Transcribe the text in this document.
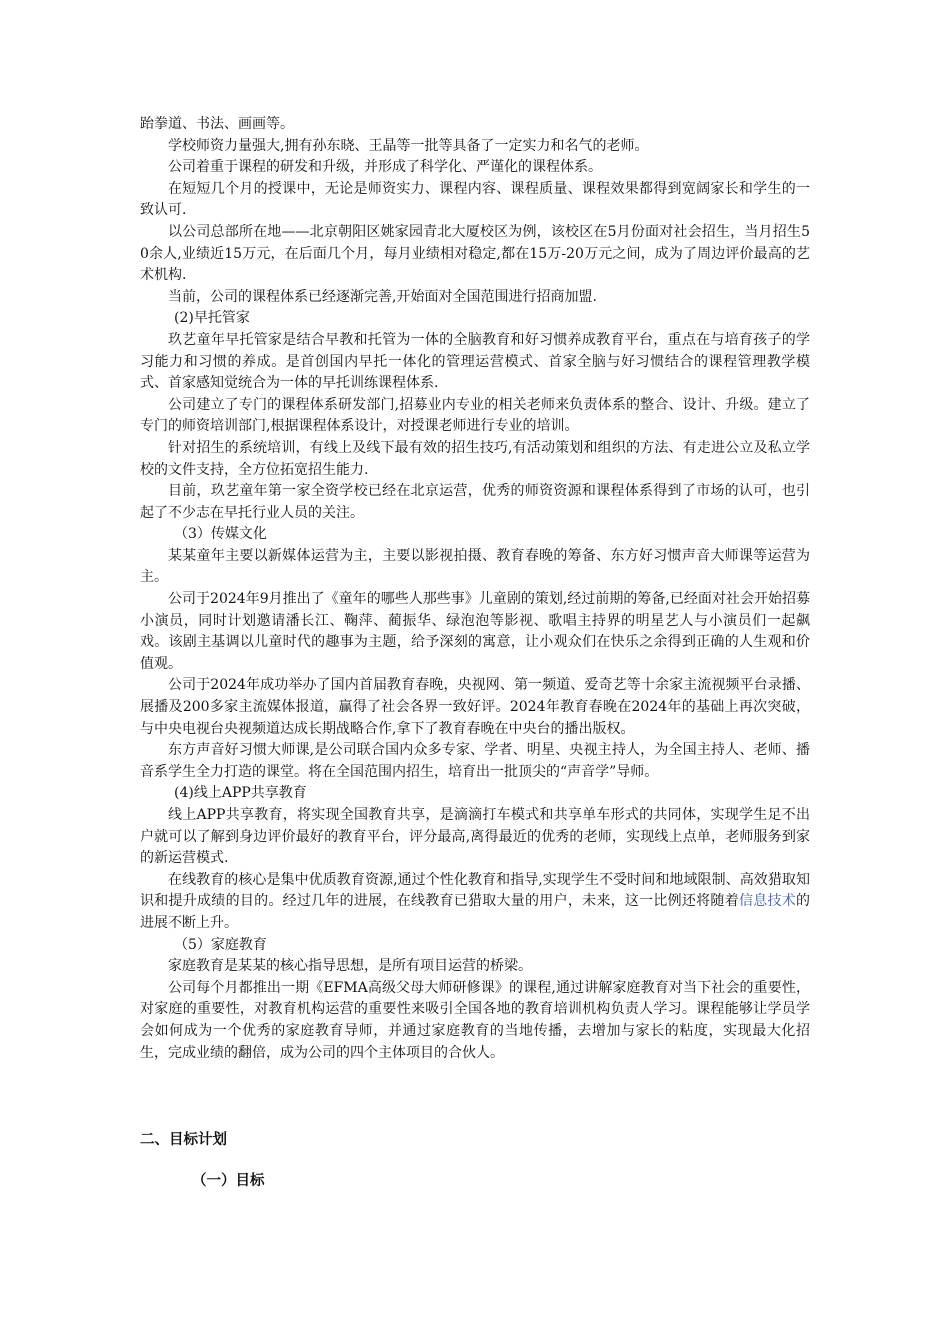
跆拳道、书法、画画等。

学校师资力量强大,拥有孙东晓、王晶等一批等具备了一定实力和名气的老师。

公司着重于课程的研发和升级，并形成了科学化、严谨化的课程体系。

在短短几个月的授课中，无论是师资实力、课程内容、课程质量、课程效果都得到宽阔家长和学生的一致认可.

以公司总部所在地——北京朝阳区姚家园青北大厦校区为例，该校区在5月份面对社会招生，当月招生50余人,业绩近15万元，在后面几个月，每月业绩相对稳定,都在15万-20万元之间，成为了周边评价最高的艺术机构.

当前，公司的课程体系已经逐渐完善,开始面对全国范围进行招商加盟.

(2)早托管家

玖艺童年早托管家是结合早教和托管为一体的全脑教育和好习惯养成教育平台，重点在与培育孩子的学习能力和习惯的养成。是首创国内早托一体化的管理运营模式、首家全脑与好习惯结合的课程管理教学模式、首家感知觉统合为一体的早托训练课程体系.

公司建立了专门的课程体系研发部门,招募业内专业的相关老师来负责体系的整合、设计、升级。建立了专门的师资培训部门,根据课程体系设计，对授课老师进行专业的培训。

针对招生的系统培训，有线上及线下最有效的招生技巧,有活动策划和组织的方法、有走进公立及私立学校的文件支持，全方位拓宽招生能力.

目前，玖艺童年第一家全资学校已经在北京运营，优秀的师资资源和课程体系得到了市场的认可，也引起了不少志在早托行业人员的关注。

（3）传媒文化

某某童年主要以新媒体运营为主，主要以影视拍摄、教育春晚的筹备、东方好习惯声音大师课等运营为主。

公司于2024年9月推出了《童年的哪些人那些事》儿童剧的策划,经过前期的筹备,已经面对社会开始招募小演员，同时计划邀请潘长江、鞠萍、蔺振华、绿泡泡等影视、歌唱主持界的明星艺人与小演员们一起飙戏。该剧主基调以儿童时代的趣事为主题，给予深刻的寓意，让小观众们在快乐之余得到正确的人生观和价值观。

公司于2024年成功举办了国内首届教育春晚，央视网、第一频道、爱奇艺等十余家主流视频平台录播、展播及200多家主流媒体报道，赢得了社会各界一致好评。2024年教育春晚在2024年的基础上再次突破，与中央电视台央视频道达成长期战略合作,拿下了教育春晚在中央台的播出版权。

东方声音好习惯大师课,是公司联合国内众多专家、学者、明星、央视主持人，为全国主持人、老师、播音系学生全力打造的课堂。将在全国范围内招生，培育出一批顶尖的“声音学”导师。

(4)线上APP共享教育

线上APP共享教育，将实现全国教育共享，是滴滴打车模式和共享单车形式的共同体，实现学生足不出户就可以了解到身边评价最好的教育平台，评分最高,离得最近的优秀的老师，实现线上点单，老师服务到家的新运营模式.

在线教育的核心是集中优质教育资源,通过个性化教育和指导,实现学生不受时间和地域限制、高效猎取知识和提升成绩的目的。经过几年的进展，在线教育已猎取大量的用户，未来，这一比例还将随着信息技术的进展不断上升。

（5）家庭教育

家庭教育是某某的核心指导思想，是所有项目运营的桥梁。

公司每个月都推出一期《EFMA高级父母大师研修课》的课程,通过讲解家庭教育对当下社会的重要性，对家庭的重要性，对教育机构运营的重要性来吸引全国各地的教育培训机构负责人学习。课程能够让学员学会如何成为一个优秀的家庭教育导师，并通过家庭教育的当地传播，去增加与家长的粘度，实现最大化招生，完成业绩的翻倍，成为公司的四个主体项目的合伙人。

二、目标计划
（一）目标
